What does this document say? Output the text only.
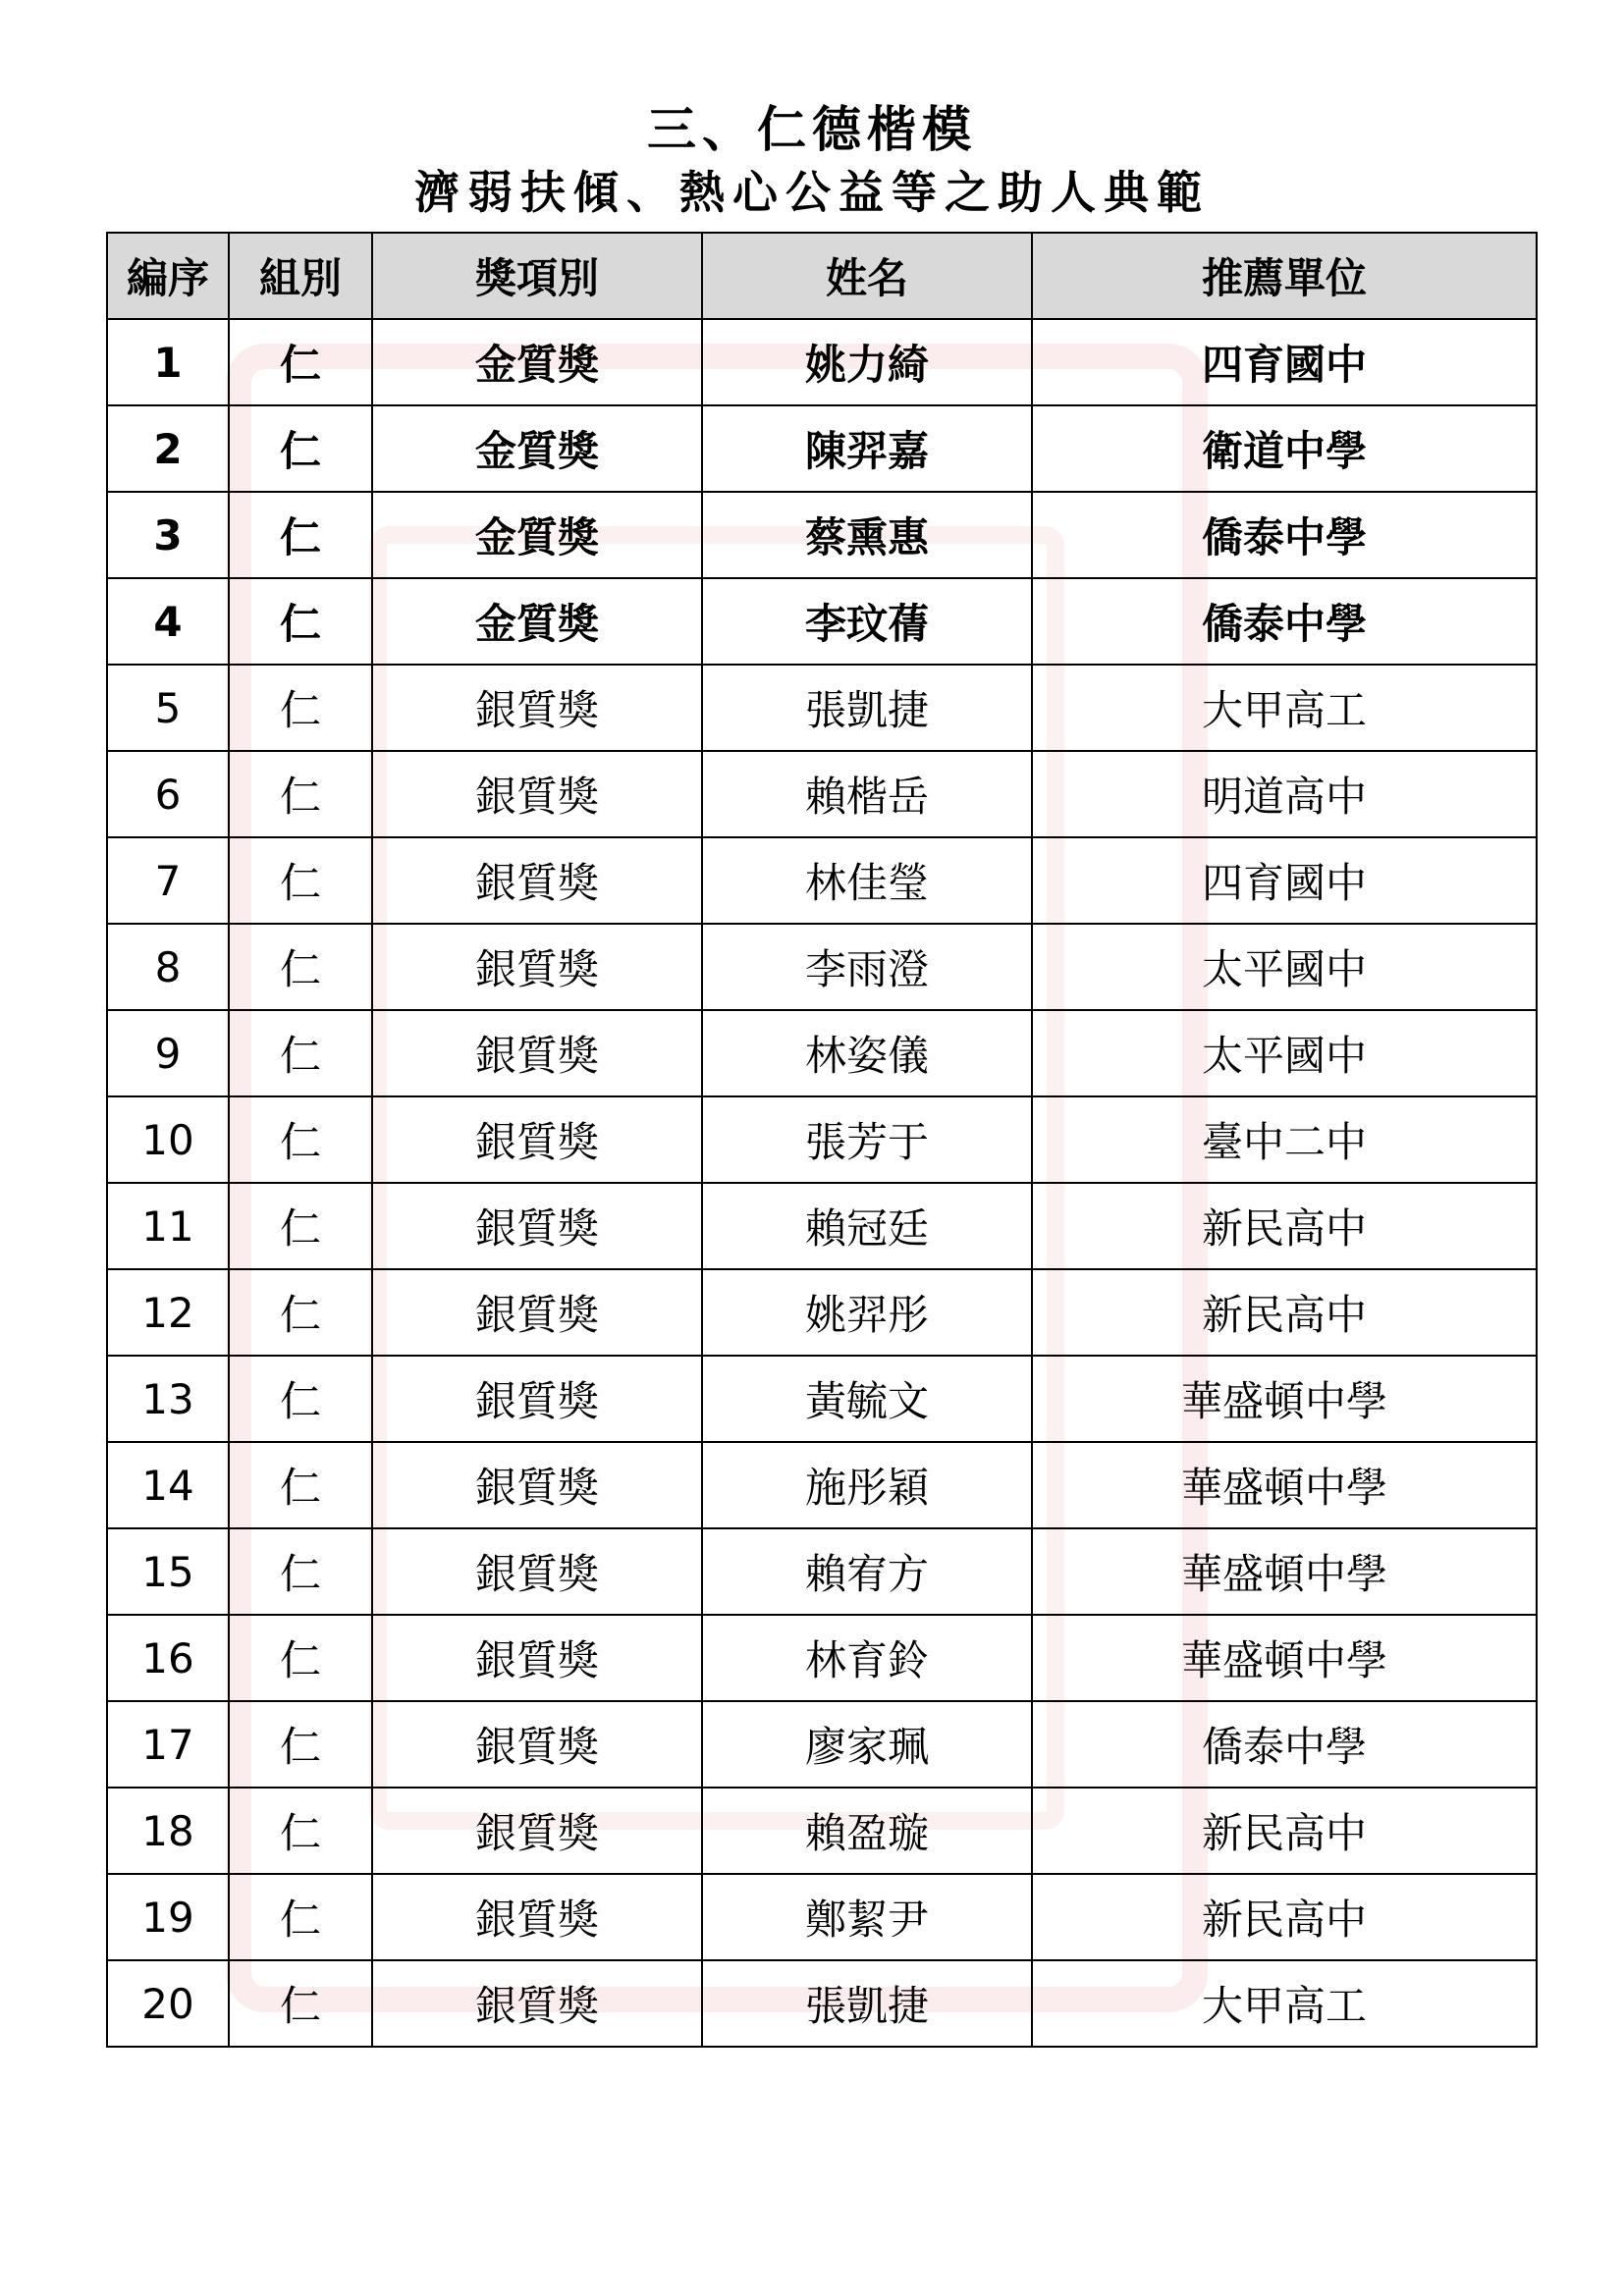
三、仁德楷模
濟弱扶傾、熱心公益等之助人典範
編序	組別	獎項別	姓名	推薦單位
1	仁	金質獎	姚力綺	四育國中
2	仁	金質獎	陳羿嘉	衛道中學
3	仁	金質獎	蔡熏惠	僑泰中學
4	仁	金質獎	李玟蒨	僑泰中學
5	仁	銀質獎	張凱捷	大甲高工
6	仁	銀質獎	賴楷岳	明道高中
7	仁	銀質獎	林佳瑩	四育國中
8	仁	銀質獎	李雨澄	太平國中
9	仁	銀質獎	林姿儀	太平國中
10	仁	銀質獎	張芳于	臺中二中
11	仁	銀質獎	賴冠廷	新民高中
12	仁	銀質獎	姚羿彤	新民高中
13	仁	銀質獎	黃毓文	華盛頓中學
14	仁	銀質獎	施彤穎	華盛頓中學
15	仁	銀質獎	賴宥方	華盛頓中學
16	仁	銀質獎	林育鈴	華盛頓中學
17	仁	銀質獎	廖家珮	僑泰中學
18	仁	銀質獎	賴盈璇	新民高中
19	仁	銀質獎	鄭絜尹	新民高中
20	仁	銀質獎	張凱捷	大甲高工
